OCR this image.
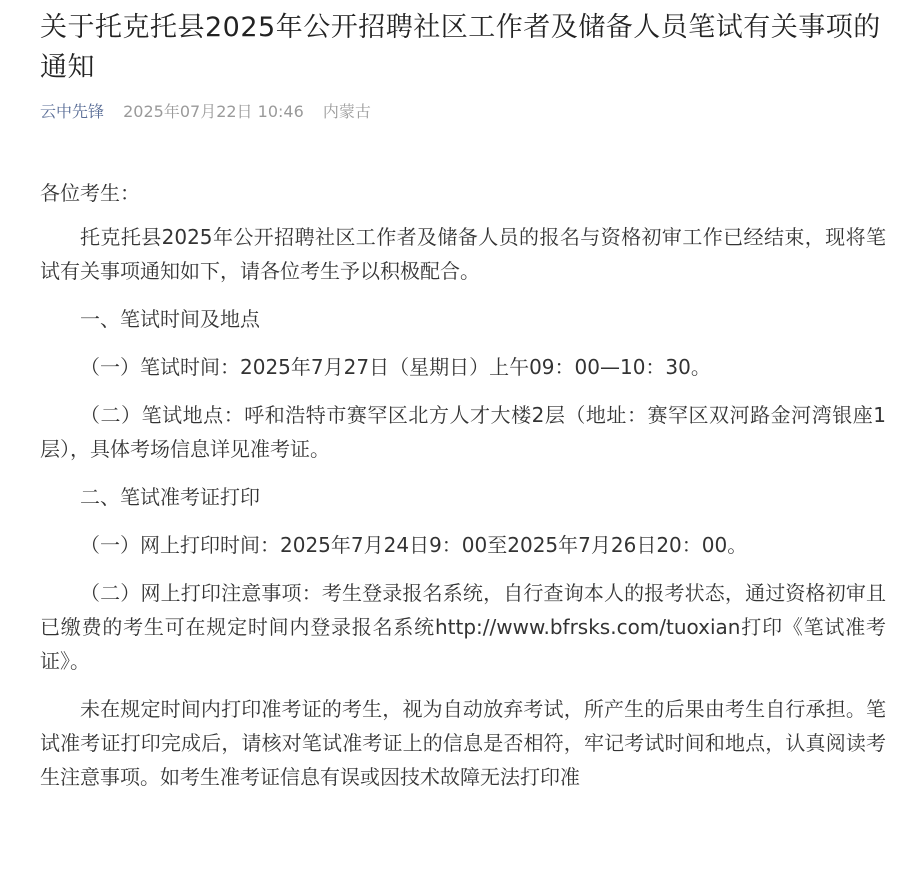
关于托克托县2025年公开招聘社区工作者及储备人员笔试有关事项的通知
云中先锋 2025年07月22日 10:46 内蒙古

各位考生：

托克托县2025年公开招聘社区工作者及储备人员的报名与资格初审工作已经结束，现将笔试有关事项通知如下，请各位考生予以积极配合。

一、笔试时间及地点

（一）笔试时间：2025年7月27日（星期日）上午09：00—10：30。

（二）笔试地点：呼和浩特市赛罕区北方人才大楼2层（地址：赛罕区双河路金河湾银座1层），具体考场信息详见准考证。

二、笔试准考证打印

（一）网上打印时间：2025年7月24日9：00至2025年7月26日20：00。

（二）网上打印注意事项：考生登录报名系统，自行查询本人的报考状态，通过资格初审且已缴费的考生可在规定时间内登录报名系统http://www.bfrsks.com/tuoxian打印《笔试准考证》。

未在规定时间内打印准考证的考生，视为自动放弃考试，所产生的后果由考生自行承担。笔试准考证打印完成后，请核对笔试准考证上的信息是否相符，牢记考试时间和地点，认真阅读考生注意事项。如考生准考证信息有误或因技术故障无法打印准
